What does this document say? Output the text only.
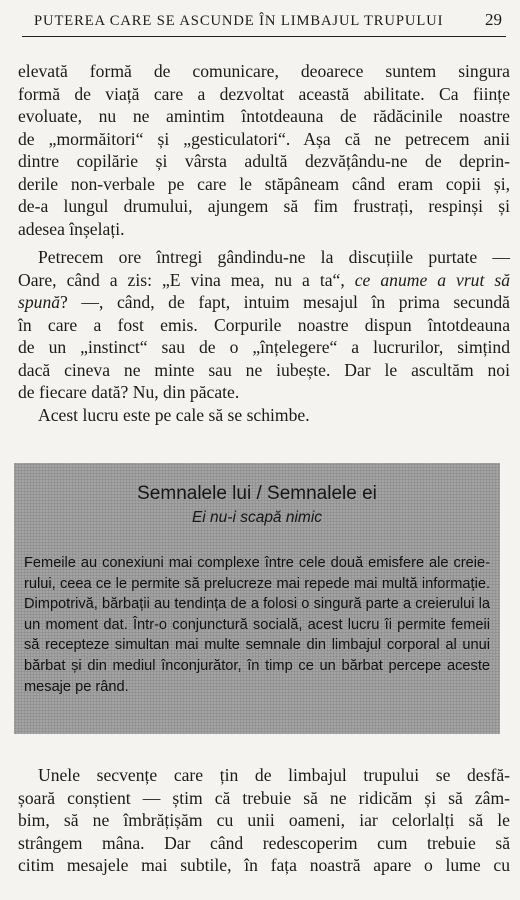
PUTEREA CARE SE ASCUNDE ÎN LIMBAJUL TRUPULUI 29
elevată formă de comunicare, deoarece suntem singura
formă de viață care a dezvoltat această abilitate. Ca ființe
evoluate, nu ne amintim întotdeauna de rădăcinile noastre
de „mormăitori“ și „gesticulatori“. Așa că ne petrecem anii
dintre copilărie și vârsta adultă dezvățându-ne de deprin-
derile non-verbale pe care le stăpâneam când eram copii și,
de-a lungul drumului, ajungem să fim frustrați, respinși și
adesea înșelați.
Petrecem ore întregi gândindu-ne la discuțiile purtate —
Oare, când a zis: „E vina mea, nu a ta“, ce anume a vrut să
spună? —, când, de fapt, intuim mesajul în prima secundă
în care a fost emis. Corpurile noastre dispun întotdeauna
de un „instinct“ sau de o „înțelegere“ a lucrurilor, simțind
dacă cineva ne minte sau ne iubește. Dar le ascultăm noi
de fiecare dată? Nu, din păcate.
Acest lucru este pe cale să se schimbe.
Semnalele lui / Semnalele ei
Ei nu-i scapă nimic
Femeile au conexiuni mai complexe între cele două emisfere ale creie-
rului, ceea ce le permite să prelucreze mai repede mai multă informație.
Dimpotrivă, bărbații au tendința de a folosi o singură parte a creierului la
un moment dat. Într-o conjunctură socială, acest lucru îi permite femeii
să recepteze simultan mai multe semnale din limbajul corporal al unui
bărbat și din mediul înconjurător, în timp ce un bărbat percepe aceste
mesaje pe rând.
Unele secvențe care țin de limbajul trupului se desfă-
șoară conștient — știm că trebuie să ne ridicăm și să zâm-
bim, să ne îmbrățișăm cu unii oameni, iar celorlalți să le
strângem mâna. Dar când redescoperim cum trebuie să
citim mesajele mai subtile, în fața noastră apare o lume cu
